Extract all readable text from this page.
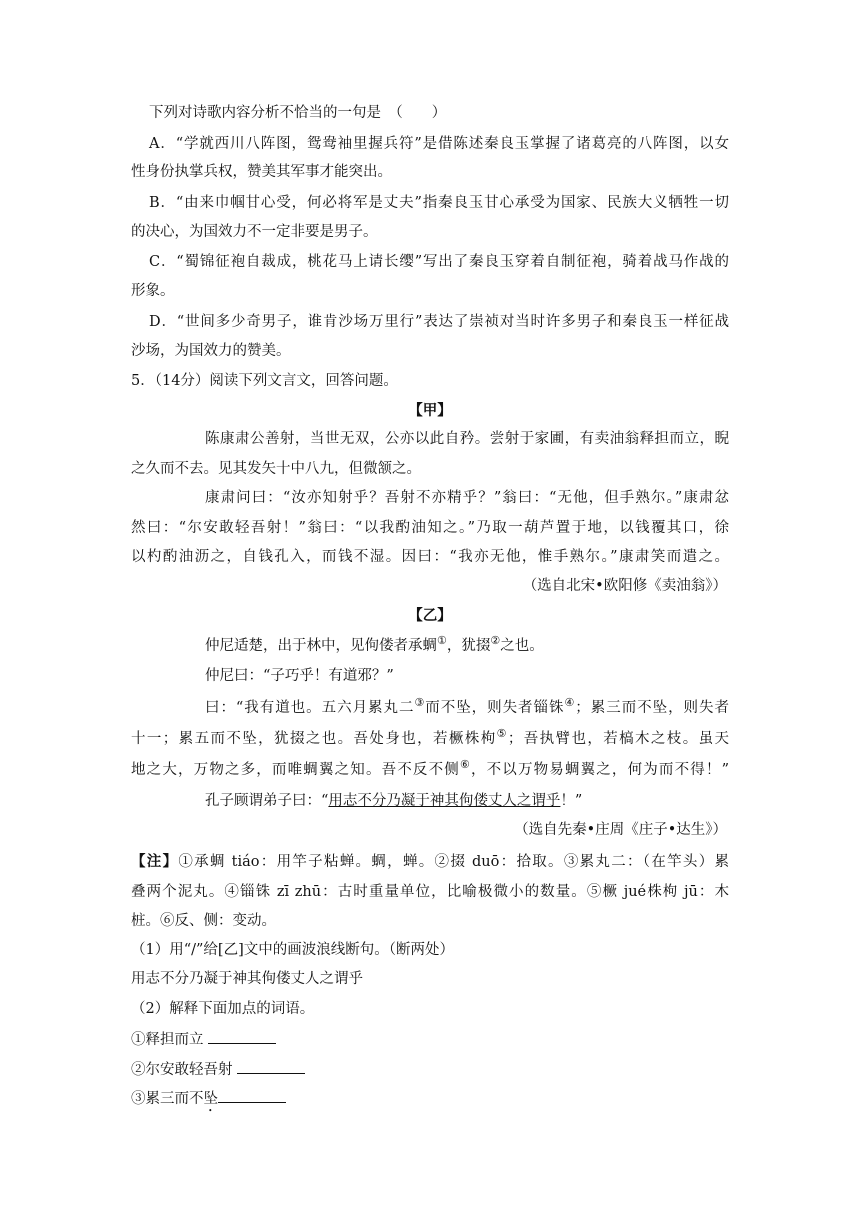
下列对诗歌内容分析不恰当的一句是　（　　）
A．“学就西川八阵图，鸳鸯袖里握兵符”是借陈述秦良玉掌握了诸葛亮的八阵图，以女
性身份执掌兵权，赞美其军事才能突出。
B．“由来巾帼甘心受，何必将军是丈夫”指秦良玉甘心承受为国家、民族大义牺牲一切
的决心，为国效力不一定非要是男子。
C．“蜀锦征袍自裁成，桃花马上请长缨”写出了秦良玉穿着自制征袍，骑着战马作战的
形象。
D．“世间多少奇男子，谁肯沙场万里行”表达了崇祯对当时许多男子和秦良玉一样征战
沙场，为国效力的赞美。
5．（14分）阅读下列文言文，回答问题。
【甲】
陈康肃公善射，当世无双，公亦以此自矜。尝射于家圃，有卖油翁释担而立，睨
之久而不去。见其发矢十中八九，但微颔之。
康肃问曰：“汝亦知射乎？吾射不亦精乎？”翁曰：“无他，但手熟尔。”康肃忿
然曰：“尔安敢轻吾射！”翁曰：“以我酌油知之。”乃取一葫芦置于地，以钱覆其口，徐
以杓酌油沥之，自钱孔入，而钱不湿。因曰：“我亦无他，惟手熟尔。”康肃笑而遣之。
（选自北宋•欧阳修《卖油翁》）
【乙】
仲尼适楚，出于林中，见佝偻者承蜩①，犹掇②之也。
仲尼曰：“子巧乎！有道邪？”
曰：“我有道也。五六月累丸二③而不坠，则失者锱铢④；累三而不坠，则失者
十一；累五而不坠，犹掇之也。吾处身也，若橛株枸⑤；吾执臂也，若槁木之枝。虽天
地之大，万物之多，而唯蜩翼之知。吾不反不侧⑥，不以万物易蜩翼之，何为而不得！”
孔子顾谓弟子曰：“用志不分乃凝于神其佝偻丈人之谓乎！”
（选自先秦•庄周《庄子•达生》）
【注】①承蜩 tiáo：用竿子粘蝉。蜩，蝉。②掇 duō：拾取。③累丸二：（在竿头）累
叠两个泥丸。④锱铢 zī zhū：古时重量单位，比喻极微小的数量。⑤橛 jué株枸 jū：木
桩。⑥反、侧：变动。
（1）用“/”给[乙]文中的画波浪线断句。（断两处）
用志不分乃凝于神其佝偻丈人之谓乎
（2）解释下面加点的词语。
①释担而立
②尔安敢轻吾射
③累三而不坠
